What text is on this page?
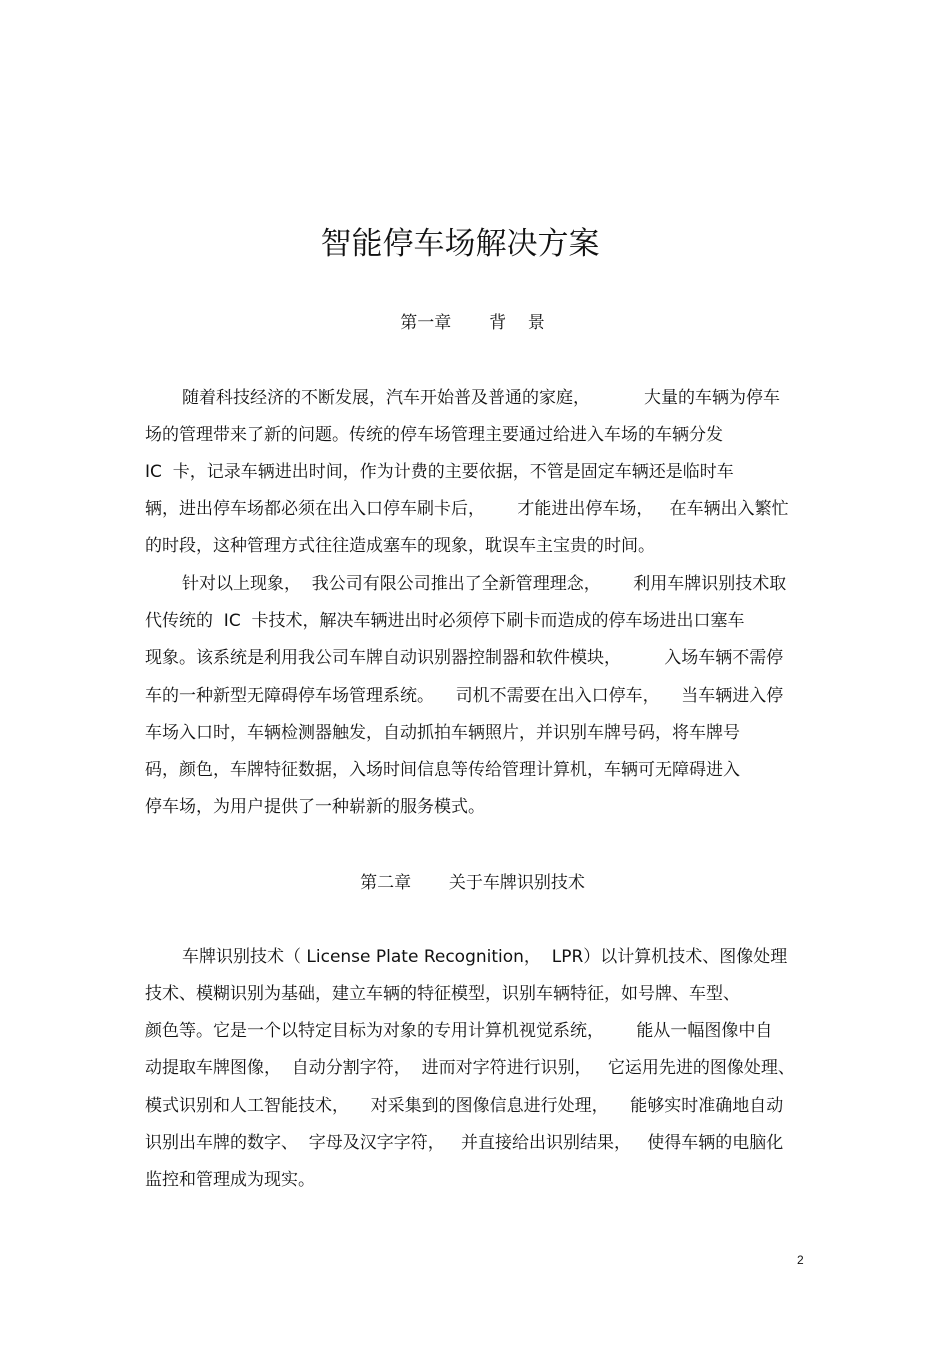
智能停车场解决方案
第一章       背    景
随着科技经济的不断发展，汽车开始普及普通的家庭，          大量的车辆为停车
场的管理带来了新的问题。传统的停车场管理主要通过给进入车场的车辆分发
IC  卡，记录车辆进出时间，作为计费的主要依据，不管是固定车辆还是临时车
辆，进出停车场都必须在出入口停车刷卡后，      才能进出停车场，   在车辆出入繁忙
的时段，这种管理方式往往造成塞车的现象，耽误车主宝贵的时间。
针对以上现象，  我公司有限公司推出了全新管理理念，      利用车牌识别技术取
代传统的  IC  卡技术，解决车辆进出时必须停下刷卡而造成的停车场进出口塞车
现象。该系统是利用我公司车牌自动识别器控制器和软件模块，        入场车辆不需停
车的一种新型无障碍停车场管理系统。    司机不需要在出入口停车，    当车辆进入停
车场入口时，车辆检测器触发，自动抓拍车辆照片，并识别车牌号码，将车牌号
码，颜色，车牌特征数据，入场时间信息等传给管理计算机，车辆可无障碍进入
停车场，为用户提供了一种崭新的服务模式。
第二章       关于车牌识别技术
车牌识别技术（ License Plate Recognition，  LPR）以计算机技术、图像处理
技术、模糊识别为基础，建立车辆的特征模型，识别车辆特征，如号牌、车型、
颜色等。它是一个以特定目标为对象的专用计算机视觉系统，      能从一幅图像中自
动提取车牌图像，  自动分割字符，  进而对字符进行识别，   它运用先进的图像处理、
模式识别和人工智能技术，    对采集到的图像信息进行处理，    能够实时准确地自动
识别出车牌的数字、  字母及汉字字符，   并直接给出识别结果，   使得车辆的电脑化
监控和管理成为现实。
2
